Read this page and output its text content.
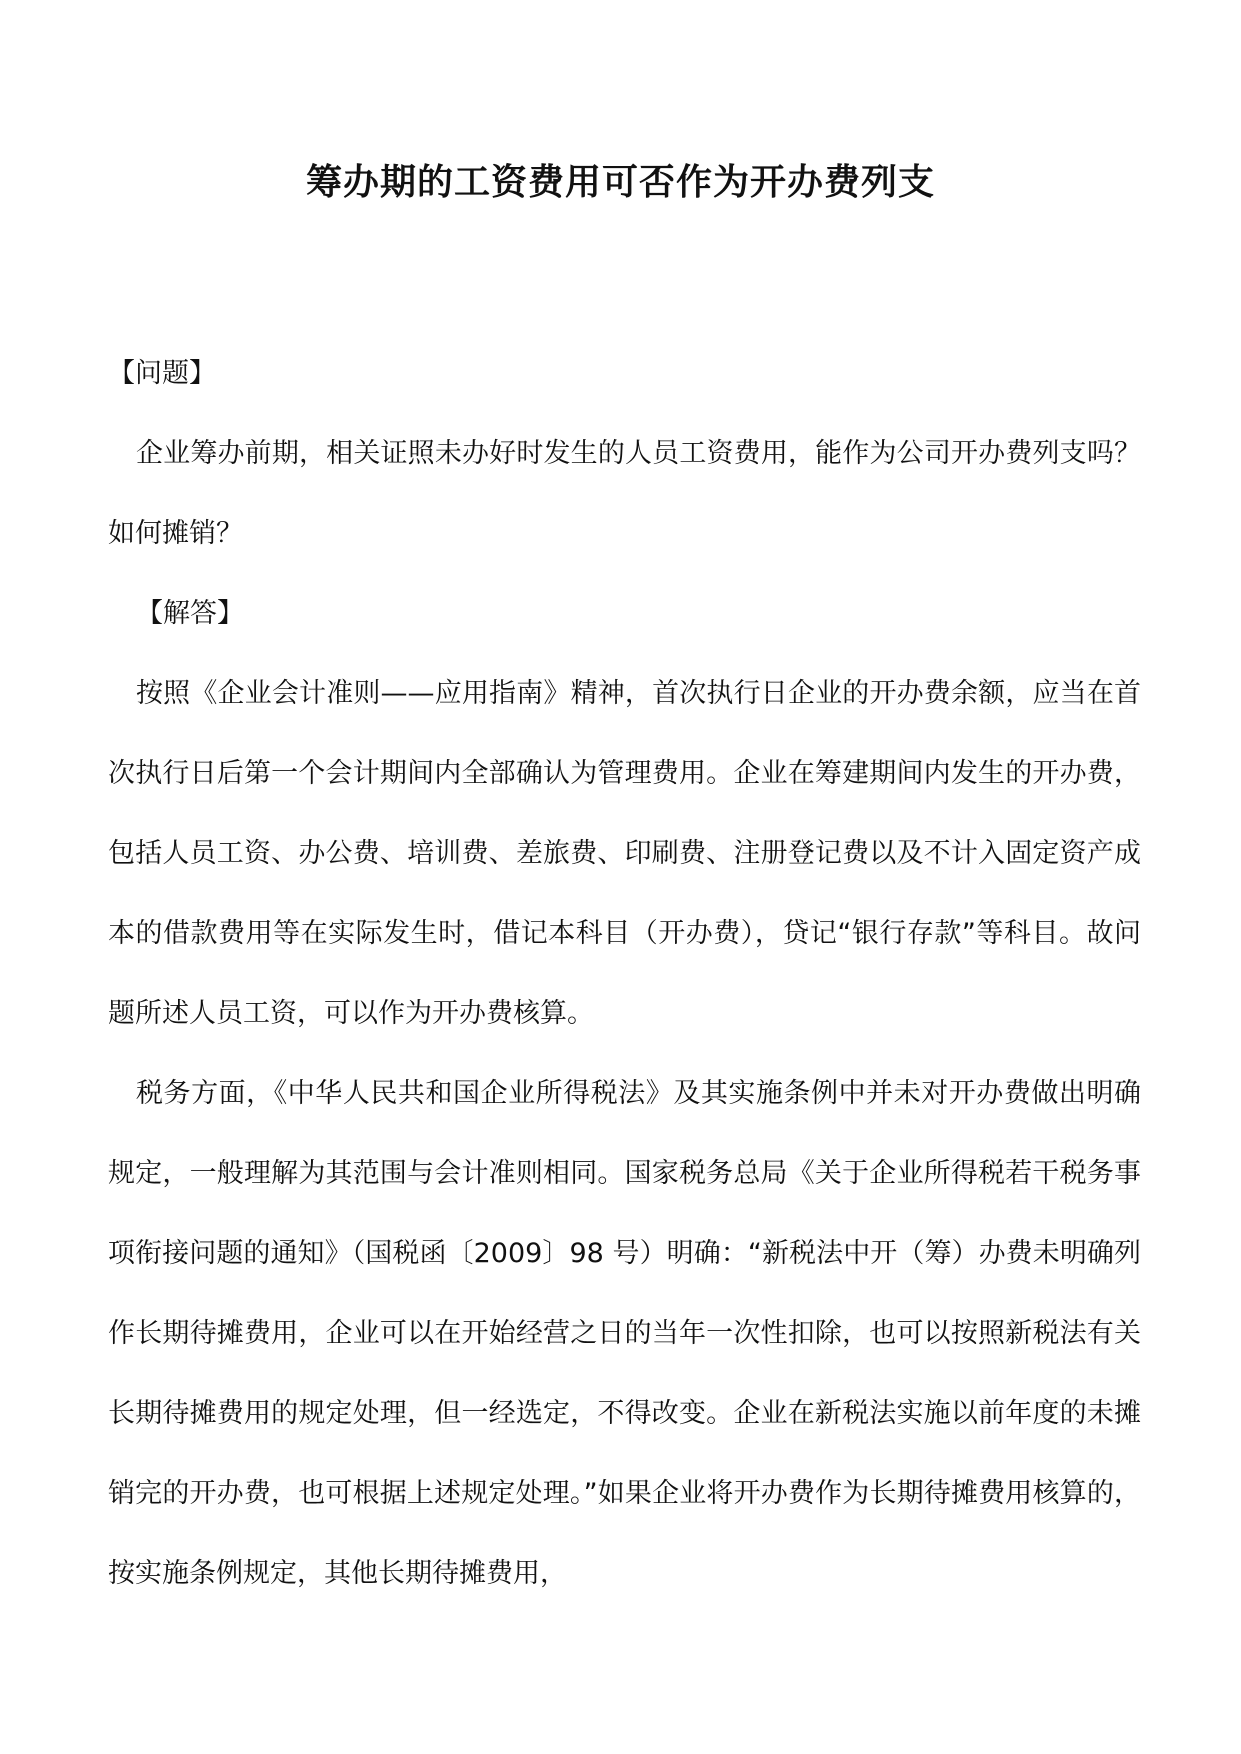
筹办期的工资费用可否作为开办费列支

【问题】

企业筹办前期，相关证照未办好时发生的人员工资费用，能作为公司开办费列支吗？如何摊销？

【解答】

按照《企业会计准则——应用指南》精神，首次执行日企业的开办费余额，应当在首次执行日后第一个会计期间内全部确认为管理费用。企业在筹建期间内发生的开办费，包括人员工资、办公费、培训费、差旅费、印刷费、注册登记费以及不计入固定资产成本的借款费用等在实际发生时，借记本科目（开办费），贷记“银行存款”等科目。故问题所述人员工资，可以作为开办费核算。

税务方面，《中华人民共和国企业所得税法》及其实施条例中并未对开办费做出明确规定，一般理解为其范围与会计准则相同。国家税务总局《关于企业所得税若干税务事项衔接问题的通知》（国税函〔2009〕98 号）明确：“新税法中开（筹）办费未明确列作长期待摊费用，企业可以在开始经营之日的当年一次性扣除，也可以按照新税法有关长期待摊费用的规定处理，但一经选定，不得改变。企业在新税法实施以前年度的未摊销完的开办费，也可根据上述规定处理。”如果企业将开办费作为长期待摊费用核算的，按实施条例规定，其他长期待摊费用，
